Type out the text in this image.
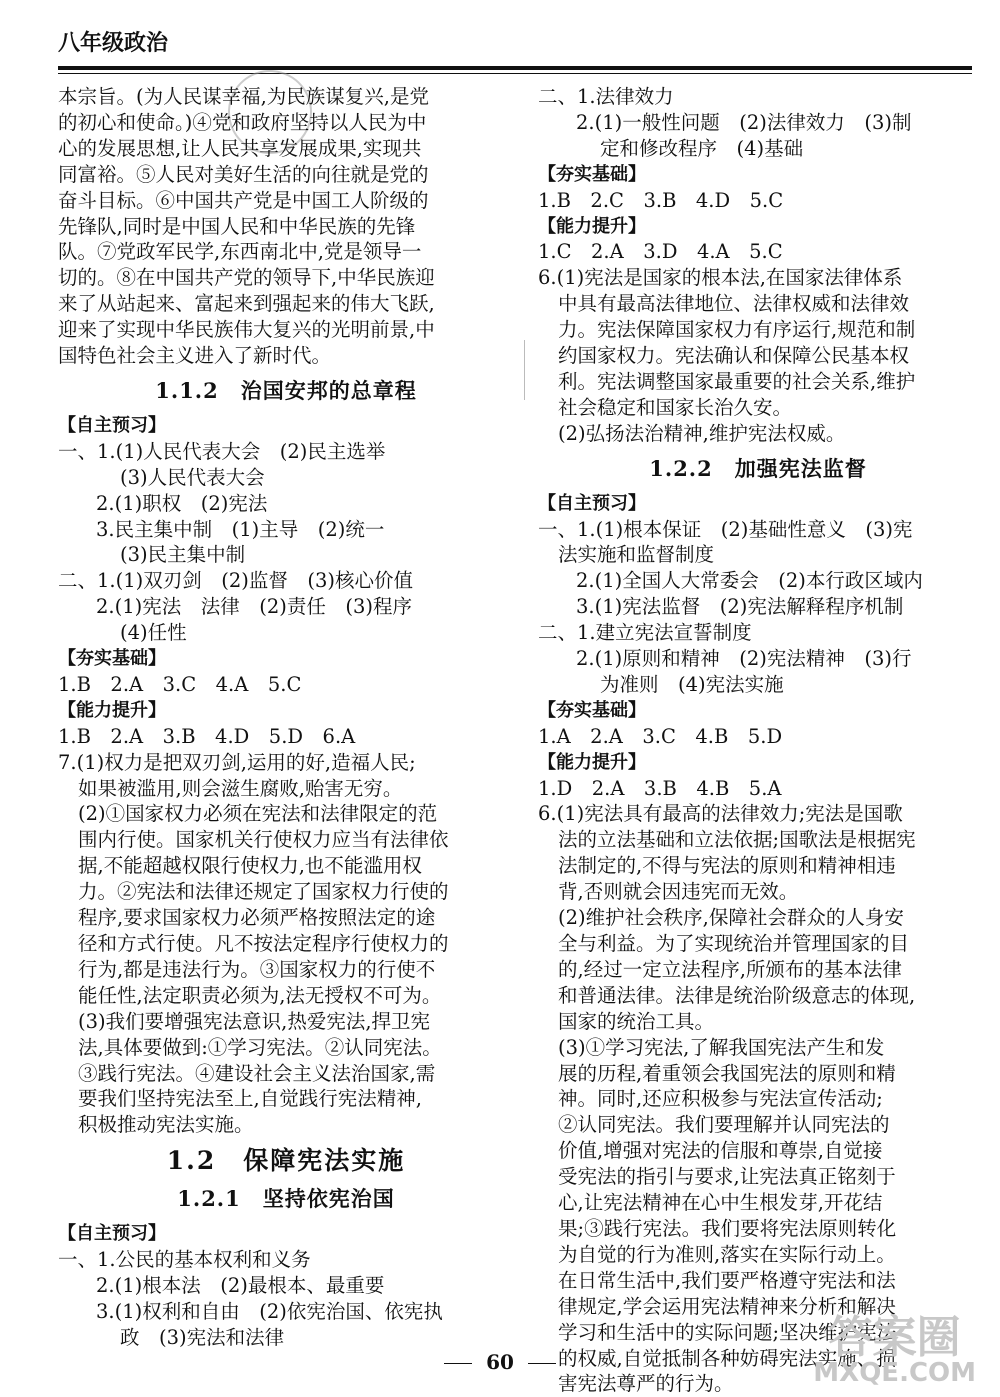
八年级政治
本宗旨。(为人民谋幸福,为民族谋复兴,是党
的初心和使命。)④党和政府坚持以人民为中
心的发展思想,让人民共享发展成果,实现共
同富裕。⑤人民对美好生活的向往就是党的
奋斗目标。⑥中国共产党是中国工人阶级的
先锋队,同时是中国人民和中华民族的先锋
队。⑦党政军民学,东西南北中,党是领导一
切的。⑧在中国共产党的领导下,中华民族迎
来了从站起来、富起来到强起来的伟大飞跃,
迎来了实现中华民族伟大复兴的光明前景,中
国特色社会主义进入了新时代。
1.1.2　治国安邦的总章程
【自主预习】
一、1.(1)人民代表大会　(2)民主选举
(3)人民代表大会
2.(1)职权　(2)宪法
3.民主集中制　(1)主导　(2)统一
(3)民主集中制
二、1.(1)双刃剑　(2)监督　(3)核心价值
2.(1)宪法　法律　(2)责任　(3)程序
(4)任性
【夯实基础】
1.B　2.A　3.C　4.A　5.C
【能力提升】
1.B　2.A　3.B　4.D　5.D　6.A
7.(1)权力是把双刃剑,运用的好,造福人民;
如果被滥用,则会滋生腐败,贻害无穷。
(2)①国家权力必须在宪法和法律限定的范
围内行使。国家机关行使权力应当有法律依
据,不能超越权限行使权力,也不能滥用权
力。②宪法和法律还规定了国家权力行使的
程序,要求国家权力必须严格按照法定的途
径和方式行使。凡不按法定程序行使权力的
行为,都是违法行为。③国家权力的行使不
能任性,法定职责必须为,法无授权不可为。
(3)我们要增强宪法意识,热爱宪法,捍卫宪
法,具体要做到:①学习宪法。②认同宪法。
③践行宪法。④建设社会主义法治国家,需
要我们坚持宪法至上,自觉践行宪法精神,
积极推动宪法实施。
1.2　保障宪法实施
1.2.1　坚持依宪治国
【自主预习】
一、1.公民的基本权利和义务
2.(1)根本法　(2)最根本、最重要
3.(1)权利和自由　(2)依宪治国、依宪执
政　(3)宪法和法律
二、1.法律效力
2.(1)一般性问题　(2)法律效力　(3)制
定和修改程序　(4)基础
【夯实基础】
1.B　2.C　3.B　4.D　5.C
【能力提升】
1.C　2.A　3.D　4.A　5.C
6.(1)宪法是国家的根本法,在国家法律体系
中具有最高法律地位、法律权威和法律效
力。宪法保障国家权力有序运行,规范和制
约国家权力。宪法确认和保障公民基本权
利。宪法调整国家最重要的社会关系,维护
社会稳定和国家长治久安。
(2)弘扬法治精神,维护宪法权威。
1.2.2　加强宪法监督
【自主预习】
一、1.(1)根本保证　(2)基础性意义　(3)宪
法实施和监督制度
2.(1)全国人大常委会　(2)本行政区域内
3.(1)宪法监督　(2)宪法解释程序机制
二、1.建立宪法宣誓制度
2.(1)原则和精神　(2)宪法精神　(3)行
为准则　(4)宪法实施
【夯实基础】
1.A　2.A　3.C　4.B　5.D
【能力提升】
1.D　2.A　3.B　4.B　5.A
6.(1)宪法具有最高的法律效力;宪法是国歌
法的立法基础和立法依据;国歌法是根据宪
法制定的,不得与宪法的原则和精神相违
背,否则就会因违宪而无效。
(2)维护社会秩序,保障社会群众的人身安
全与利益。为了实现统治并管理国家的目
的,经过一定立法程序,所颁布的基本法律
和普通法律。法律是统治阶级意志的体现,
国家的统治工具。
(3)①学习宪法,了解我国宪法产生和发
展的历程,着重领会我国宪法的原则和精
神。同时,还应积极参与宪法宣传活动;
②认同宪法。我们要理解并认同宪法的
价值,增强对宪法的信服和尊崇,自觉接
受宪法的指引与要求,让宪法真正铭刻于
心,让宪法精神在心中生根发芽,开花结
果;③践行宪法。我们要将宪法原则转化
为自觉的行为准则,落实在实际行动上。
在日常生活中,我们要严格遵守宪法和法
律规定,学会运用宪法精神来分析和解决
学习和生活中的实际问题;坚决维护宪法
的权威,自觉抵制各种妨碍宪法实施、损
害宪法尊严的行为。
60	答案圈
MXQE.COM
